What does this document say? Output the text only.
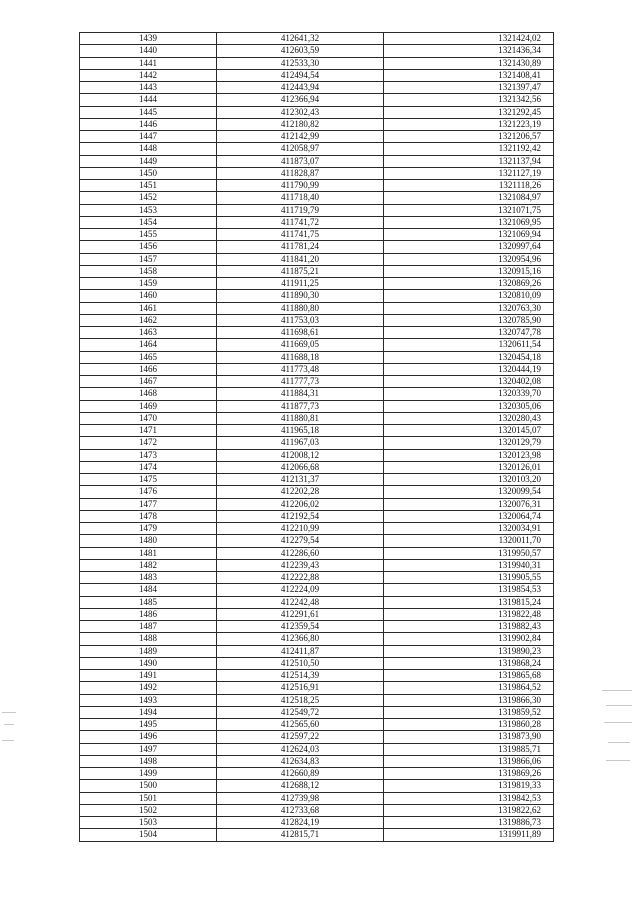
1439	412641,32	1321424,02
1440	412603,59	1321436,34
1441	412533,30	1321430,89
1442	412494,54	1321408,41
1443	412443,94	1321397,47
1444	412366,94	1321342,56
1445	412302,43	1321292,45
1446	412180,82	1321223,19
1447	412142,99	1321206,57
1448	412058,97	1321192,42
1449	411873,07	1321137,94
1450	411828,87	1321127,19
1451	411790,99	1321118,26
1452	411718,40	1321084,97
1453	411719,79	1321071,75
1454	411741,72	1321069,95
1455	411741,75	1321069,94
1456	411781,24	1320997,64
1457	411841,20	1320954,96
1458	411875,21	1320915,16
1459	411911,25	1320869,26
1460	411890,30	1320810,09
1461	411880,80	1320763,30
1462	411753,03	1320785,90
1463	411698,61	1320747,78
1464	411669,05	1320611,54
1465	411688,18	1320454,18
1466	411773,48	1320444,19
1467	411777,73	1320402,08
1468	411884,31	1320339,70
1469	411877,73	1320305,06
1470	411880,81	1320280,43
1471	411965,18	1320145,07
1472	411967,03	1320129,79
1473	412008,12	1320123,98
1474	412066,68	1320126,01
1475	412131,37	1320103,20
1476	412202,28	1320099,54
1477	412206,02	1320076,31
1478	412192,54	1320064,74
1479	412210,99	1320034,91
1480	412279,54	1320011,70
1481	412286,60	1319950,57
1482	412239,43	1319940,31
1483	412222,88	1319905,55
1484	412224,09	1319854,53
1485	412242,48	1319815,24
1486	412291,61	1319822,48
1487	412359,54	1319882,43
1488	412366,80	1319902,84
1489	412411,87	1319890,23
1490	412510,50	1319868,24
1491	412514,39	1319865,68
1492	412516,91	1319864,52
1493	412518,25	1319866,30
1494	412549,72	1319859,52
1495	412565,60	1319860,28
1496	412597,22	1319873,90
1497	412624,03	1319885,71
1498	412634,83	1319866,06
1499	412660,89	1319869,26
1500	412688,12	1319819,33
1501	412739,98	1319842,53
1502	412733,68	1319822,62
1503	412824,19	1319886,73
1504	412815,71	1319911,89
